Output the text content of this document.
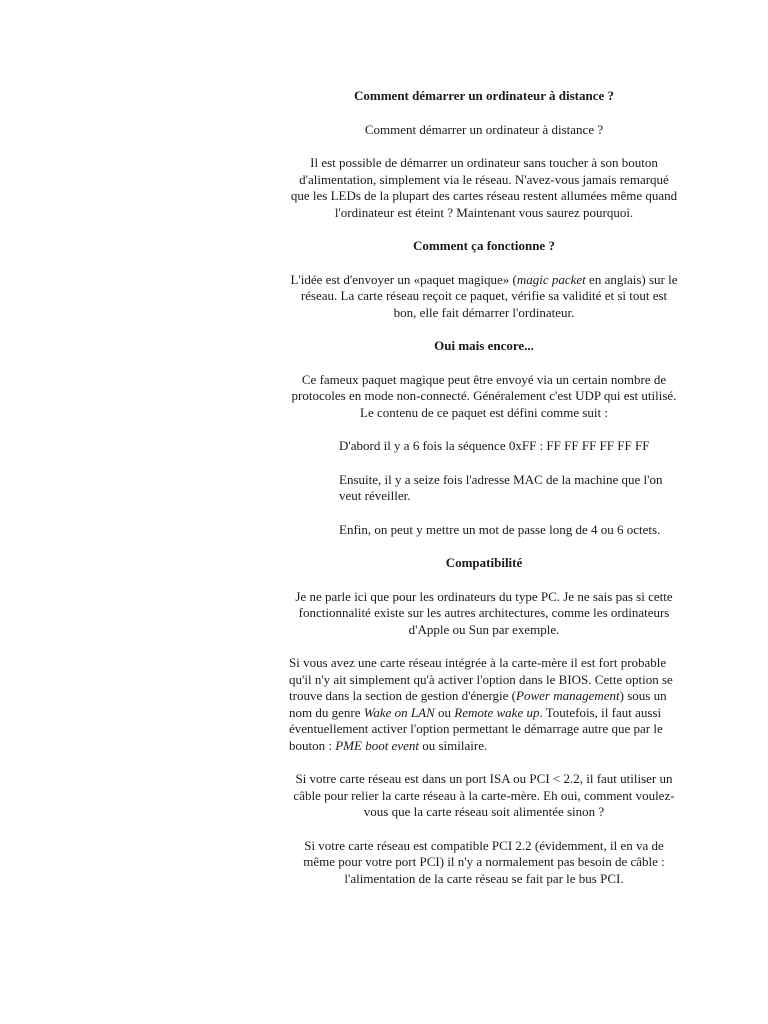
Comment démarrer un ordinateur à distance ?

Comment démarrer un ordinateur à distance ?

Il est possible de démarrer un ordinateur sans toucher à son bouton d'alimentation, simplement via le réseau. N'avez-vous jamais remarqué que les LEDs de la plupart des cartes réseau restent allumées même quand l'ordinateur est éteint ? Maintenant vous saurez pourquoi.

Comment ça fonctionne ?

L'idée est d'envoyer un «paquet magique» (magic packet en anglais) sur le réseau. La carte réseau reçoit ce paquet, vérifie sa validité et si tout est bon, elle fait démarrer l'ordinateur.

Oui mais encore...

Ce fameux paquet magique peut être envoyé via un certain nombre de protocoles en mode non-connecté. Généralement c'est UDP qui est utilisé. Le contenu de ce paquet est défini comme suit :

D'abord il y a 6 fois la séquence 0xFF : FF FF FF FF FF FF

Ensuite, il y a seize fois l'adresse MAC de la machine que l'on veut réveiller.

Enfin, on peut y mettre un mot de passe long de 4 ou 6 octets.

Compatibilité

Je ne parle ici que pour les ordinateurs du type PC. Je ne sais pas si cette fonctionnalité existe sur les autres architectures, comme les ordinateurs d'Apple ou Sun par exemple.

Si vous avez une carte réseau intégrée à la carte-mère il est fort probable qu'il n'y ait simplement qu'à activer l'option dans le BIOS. Cette option se trouve dans la section de gestion d'énergie (Power management) sous un nom du genre Wake on LAN ou Remote wake up. Toutefois, il faut aussi éventuellement activer l'option permettant le démarrage autre que par le bouton : PME boot event ou similaire.

Si votre carte réseau est dans un port ISA ou PCI < 2.2, il faut utiliser un câble pour relier la carte réseau à la carte-mère. Eh oui, comment voulez-vous que la carte réseau soit alimentée sinon ?

Si votre carte réseau est compatible PCI 2.2 (évidemment, il en va de même pour votre port PCI) il n'y a normalement pas besoin de câble : l'alimentation de la carte réseau se fait par le bus PCI.
